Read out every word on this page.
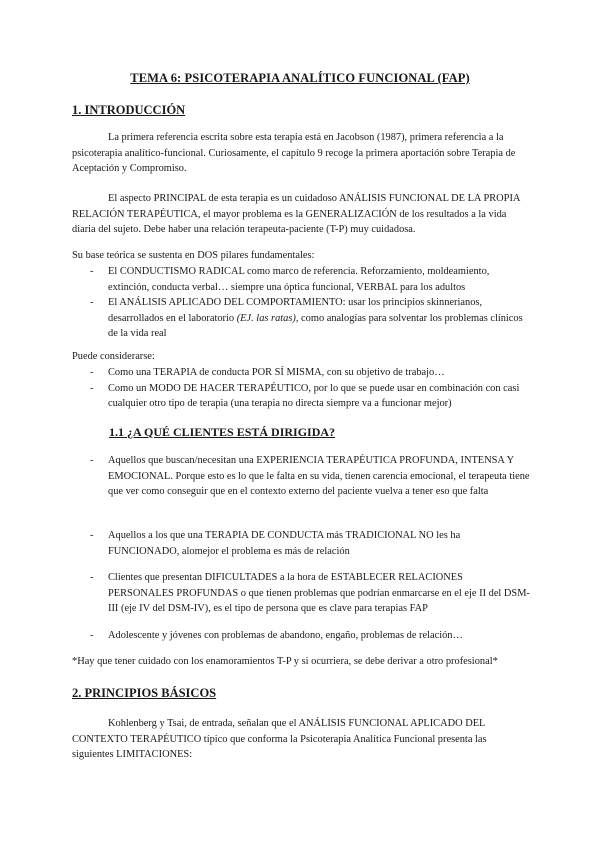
TEMA 6: PSICOTERAPIA ANALÍTICO FUNCIONAL (FAP)
1. INTRODUCCIÓN
La primera referencia escrita sobre esta terapia está en Jacobson (1987), primera referencia a la psicoterapia analítico-funcional. Curiosamente, el capítulo 9 recoge la primera aportación sobre Terapia de Aceptación y Compromiso.
El aspecto PRINCIPAL de esta terapia es un cuidadoso ANÁLISIS FUNCIONAL DE LA PROPIA RELACIÓN TERAPÉUTICA, el mayor problema es la GENERALIZACIÓN de los resultados a la vida diaria del sujeto. Debe haber una relación terapeuta-paciente (T-P) muy cuidadosa.
Su base teórica se sustenta en DOS pilares fundamentales:
- El CONDUCTISMO RADICAL como marco de referencia. Reforzamiento, moldeamiento, extinción, conducta verbal… siempre una óptica funcional, VERBAL para los adultos
- El ANÁLISIS APLICADO DEL COMPORTAMIENTO: usar los principios skinnerianos, desarrollados en el laboratorio (EJ. las ratas), como analogías para solventar los problemas clínicos de la vida real
Puede considerarse:
- Como una TERAPIA de conducta POR SÍ MISMA, con su objetivo de trabajo…
- Como un MODO DE HACER TERAPÉUTICO, por lo que se puede usar en combinación con casi cualquier otro tipo de terapia (una terapia no directa siempre va a funcionar mejor)
1.1 ¿A QUÉ CLIENTES ESTÁ DIRIGIDA?
- Aquellos que buscan/necesitan una EXPERIENCIA TERAPÉUTICA PROFUNDA, INTENSA Y EMOCIONAL. Porque esto es lo que le falta en su vida, tienen carencia emocional, el terapeuta tiene que ver como conseguir que en el contexto externo del paciente vuelva a tener eso que falta
- Aquellos a los que una TERAPIA DE CONDUCTA más TRADICIONAL NO les ha FUNCIONADO, alomejor el problema es más de relación
- Clientes que presentan DIFICULTADES a la hora de ESTABLECER RELACIONES PERSONALES PROFUNDAS o que tienen problemas que podrían enmarcarse en el eje II del DSM-III (eje IV del DSM-IV), es el tipo de persona que es clave para terapias FAP
- Adolescente y jóvenes con problemas de abandono, engaño, problemas de relación…
*Hay que tener cuidado con los enamoramientos T-P y si ocurriera, se debe derivar a otro profesional*
2. PRINCIPIOS BÁSICOS
Kohlenberg y Tsai, de entrada, señalan que el ANÁLISIS FUNCIONAL APLICADO DEL CONTEXTO TERAPÉUTICO típico que conforma la Psicoterapia Analítica Funcional presenta las siguientes LIMITACIONES:
